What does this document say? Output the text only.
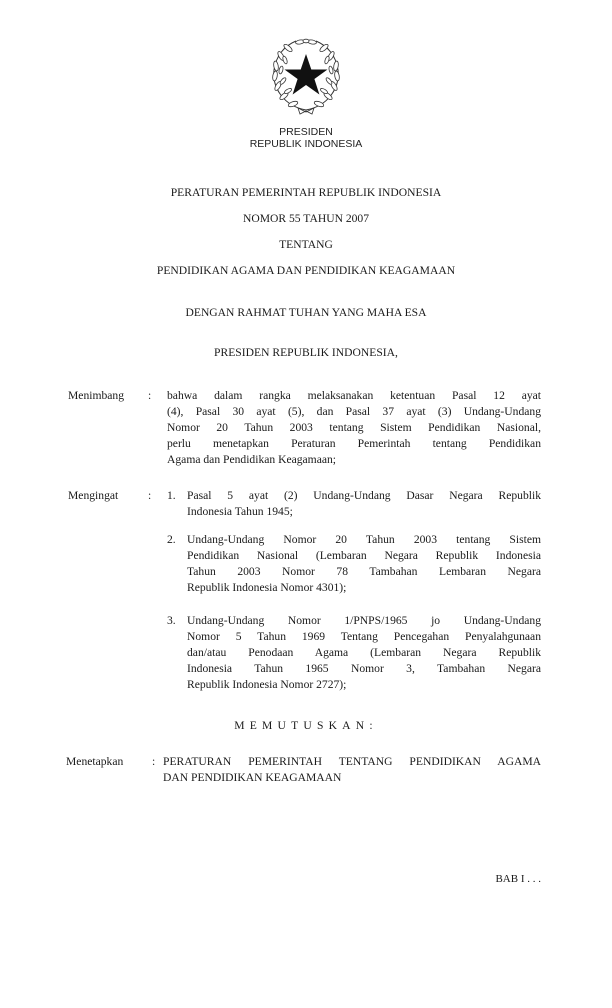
PRESIDEN
REPUBLIK INDONESIA
PERATURAN PEMERINTAH REPUBLIK INDONESIA
NOMOR 55 TAHUN 2007
TENTANG
PENDIDIKAN AGAMA DAN PENDIDIKAN KEAGAMAAN
DENGAN RAHMAT TUHAN YANG MAHA ESA
PRESIDEN REPUBLIK INDONESIA,
Menimbang : bahwa dalam rangka melaksanakan ketentuan Pasal 12 ayat
(4), Pasal 30 ayat (5), dan Pasal 37 ayat (3) Undang-Undang
Nomor 20 Tahun 2003 tentang Sistem Pendidikan Nasional,
perlu menetapkan Peraturan Pemerintah tentang Pendidikan
Agama dan Pendidikan Keagamaan;
Mengingat	: 1. Pasal 5 ayat (2) Undang-Undang Dasar Negara Republik
Indonesia Tahun 1945;
2. Undang-Undang Nomor 20 Tahun 2003 tentang Sistem
Pendidikan Nasional (Lembaran Negara Republik Indonesia
Tahun 2003 Nomor 78 Tambahan Lembaran Negara
Republik Indonesia Nomor 4301);
3. Undang-Undang Nomor 1/PNPS/1965 jo Undang-Undang
Nomor 5 Tahun 1969 Tentang Pencegahan Penyalahgunaan
dan/atau Penodaan Agama (Lembaran Negara Republik
Indonesia Tahun 1965 Nomor 3, Tambahan Negara
Republik Indonesia Nomor 2727);
MEMUTUSKAN:
Menetapkan : PERATURAN PEMERINTAH TENTANG PENDIDIKAN AGAMA
DAN PENDIDIKAN KEAGAMAAN
BAB I . . .
